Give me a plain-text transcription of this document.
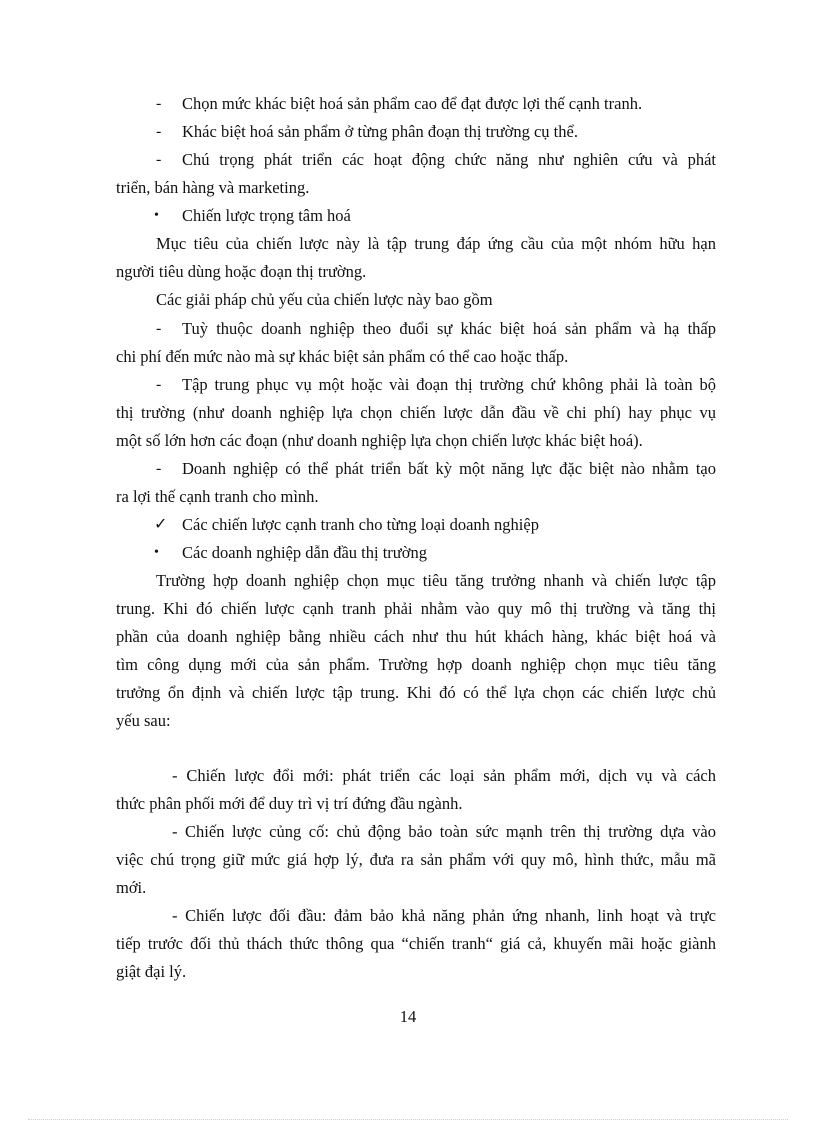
- Chọn mức khác biệt hoá sản phẩm cao để đạt được lợi thế cạnh tranh.
- Khác biệt hoá sản phẩm ở từng phân đoạn thị trường cụ thể.
- Chú trọng phát triển các hoạt động chức năng như nghiên cứu và phát
triển, bán hàng và marketing.
• Chiến lược trọng tâm hoá
Mục tiêu của chiến lược này là tập trung đáp ứng cầu của một nhóm hữu hạn
người tiêu dùng hoặc đoạn thị trường.
Các giải pháp chủ yếu của chiến lược này bao gồm
- Tuỳ thuộc doanh nghiệp theo đuổi sự khác biệt hoá sản phẩm và hạ thấp
chi phí đến mức nào mà sự khác biệt sản phẩm có thể cao hoặc thấp.
- Tập trung phục vụ một hoặc vài đoạn thị trường chứ không phải là toàn bộ
thị trường (như doanh nghiệp lựa chọn chiến lược dẫn đầu về chi phí) hay phục vụ
một số lớn hơn các đoạn (như doanh nghiệp lựa chọn chiến lược khác biệt hoá).
- Doanh nghiệp có thể phát triển bất kỳ một năng lực đặc biệt nào nhằm tạo
ra lợi thế cạnh tranh cho mình.
✓ Các chiến lược cạnh tranh cho từng loại doanh nghiệp
• Các doanh nghiệp dẫn đầu thị trường
Trường hợp doanh nghiệp chọn mục tiêu tăng trưởng nhanh và chiến lược tập
trung. Khi đó chiến lược cạnh tranh phải nhằm vào quy mô thị trường và tăng thị
phần của doanh nghiệp bằng nhiều cách như thu hút khách hàng, khác biệt hoá và
tìm công dụng mới của sản phẩm. Trường hợp doanh nghiệp chọn mục tiêu tăng
trưởng ổn định và chiến lược tập trung. Khi đó có thể lựa chọn các chiến lược chủ
yếu sau:
- Chiến lược đổi mới: phát triển các loại sản phẩm mới, dịch vụ và cách
thức phân phối mới để duy trì vị trí đứng đầu ngành.
- Chiến lược củng cố: chủ động bảo toàn sức mạnh trên thị trường dựa vào
việc chú trọng giữ mức giá hợp lý, đưa ra sản phẩm với quy mô, hình thức, mẫu mã
mới.
- Chiến lược đối đầu: đảm bảo khả năng phản ứng nhanh, linh hoạt và trực
tiếp trước đối thủ thách thức thông qua “chiến tranh“ giá cả, khuyến mãi hoặc giành
giật đại lý.
14
